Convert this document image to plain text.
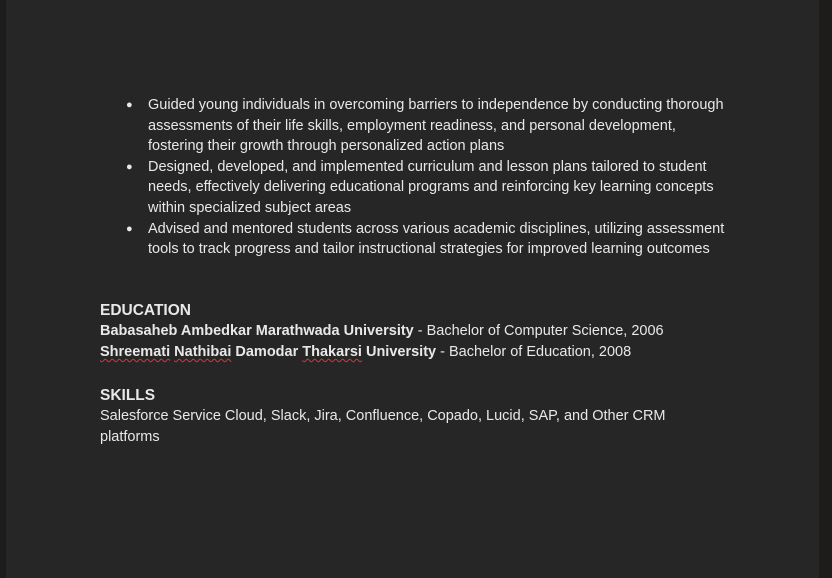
● Guided young individuals in overcoming barriers to independence by conducting thorough assessments of their life skills, employment readiness, and personal development, fostering their growth through personalized action plans
● Designed, developed, and implemented curriculum and lesson plans tailored to student needs, effectively delivering educational programs and reinforcing key learning concepts within specialized subject areas
● Advised and mentored students across various academic disciplines, utilizing assessment tools to track progress and tailor instructional strategies for improved learning outcomes
EDUCATION
Babasaheb Ambedkar Marathwada University - Bachelor of Computer Science, 2006
Shreemati Nathibai Damodar Thakarsi University - Bachelor of Education, 2008
SKILLS
Salesforce Service Cloud, Slack, Jira, Confluence, Copado, Lucid, SAP, and Other CRM platforms
